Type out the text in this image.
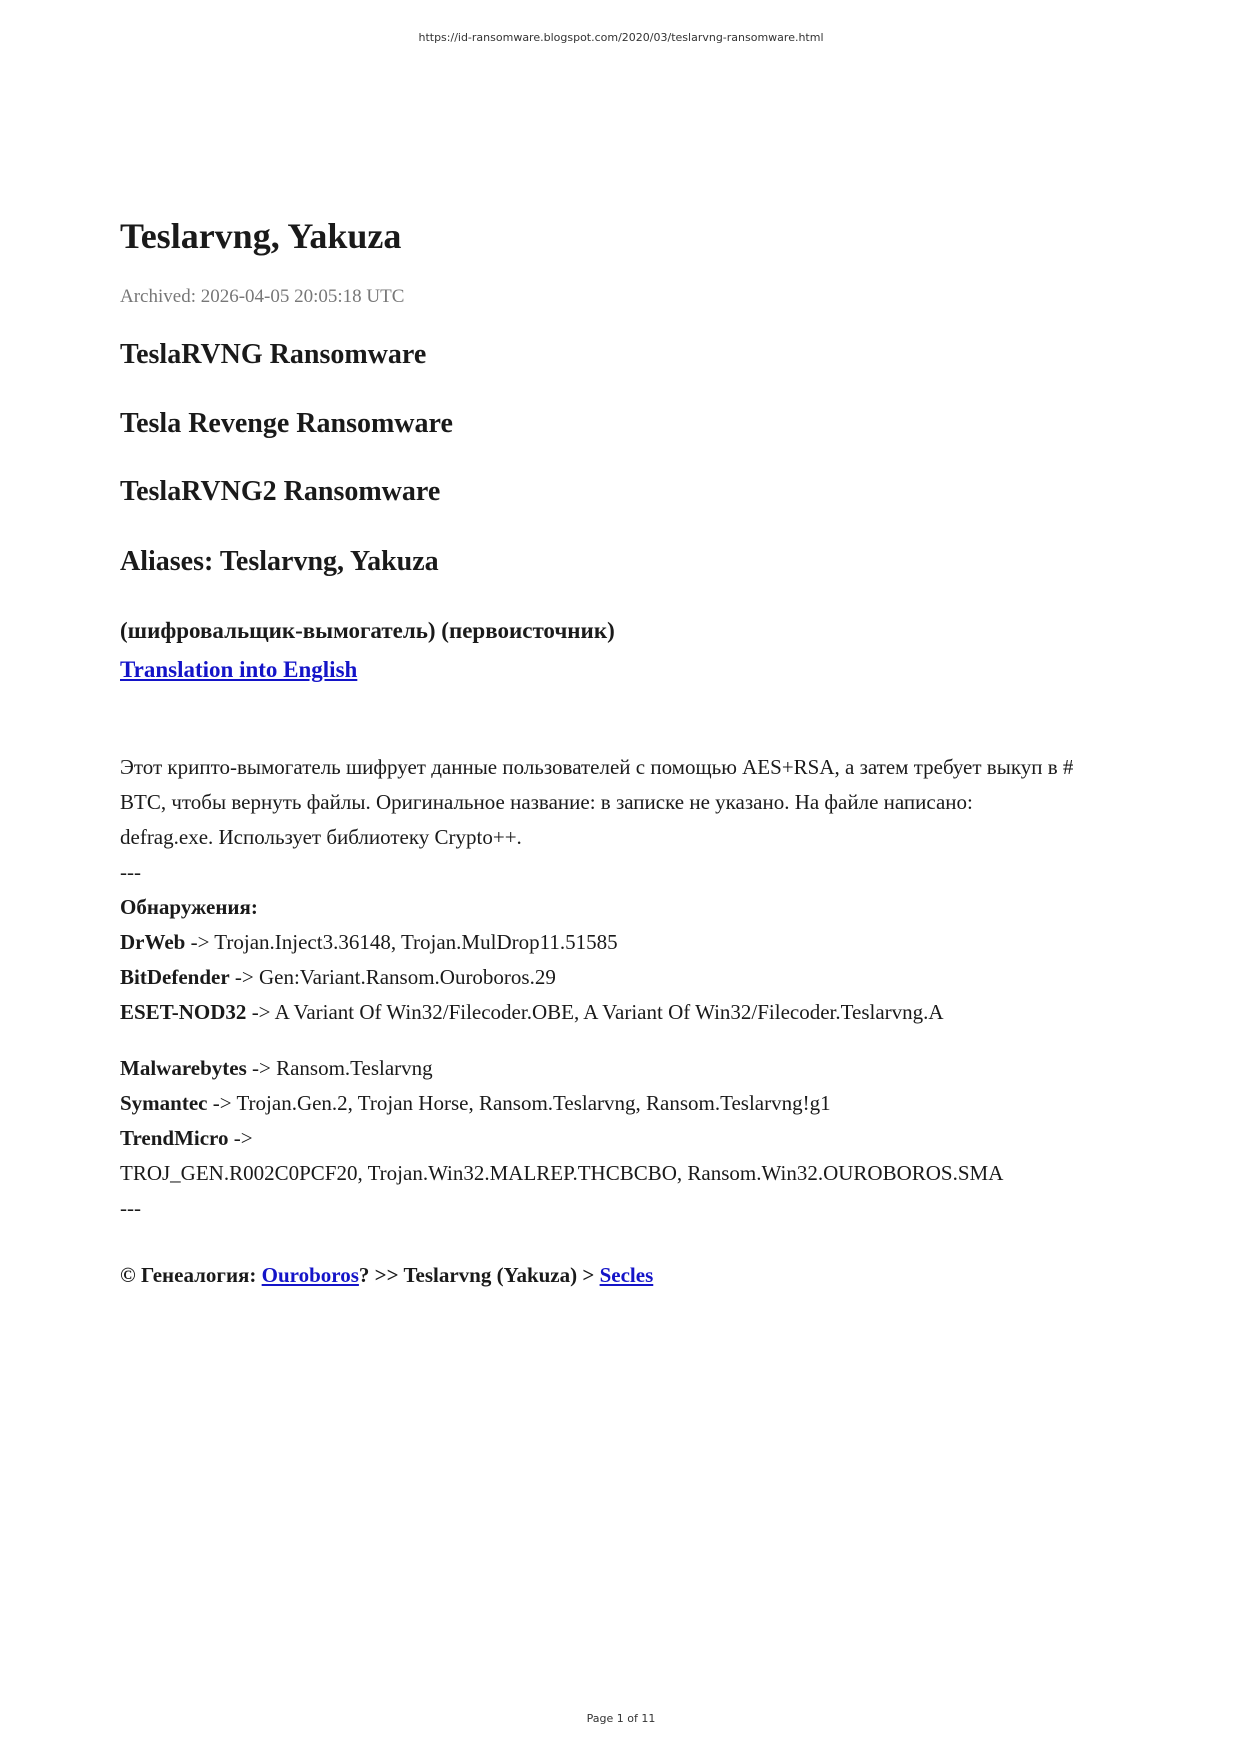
https://id-ransomware.blogspot.com/2020/03/teslarvng-ransomware.html
Teslarvng, Yakuza
Archived: 2026-04-05 20:05:18 UTC
TeslaRVNG Ransomware
Tesla Revenge Ransomware
TeslaRVNG2 Ransomware
Aliases: Teslarvng, Yakuza
(шифровальщик-вымогатель) (первоисточник)
Translation into English
Этот крипто-вымогатель шифрует данные пользователей с помощью AES+RSA, а затем требует выкуп в #
BTC, чтобы вернуть файлы. Оригинальное название: в записке не указано. На файле написано:
defrag.exe. Использует библиотеку Crypto++.
---
Обнаружения:
DrWeb -> Trojan.Inject3.36148, Trojan.MulDrop11.51585
BitDefender -> Gen:Variant.Ransom.Ouroboros.29
ESET-NOD32 -> A Variant Of Win32/Filecoder.OBE, A Variant Of Win32/Filecoder.Teslarvng.A
Malwarebytes -> Ransom.Teslarvng
Symantec -> Trojan.Gen.2, Trojan Horse, Ransom.Teslarvng, Ransom.Teslarvng!g1
TrendMicro ->
TROJ_GEN.R002C0PCF20, Trojan.Win32.MALREP.THCBCBO, Ransom.Win32.OUROBOROS.SMA
---
© Генеалогия: Ouroboros? >> Teslarvng (Yakuza) > Secles
Page 1 of 11
